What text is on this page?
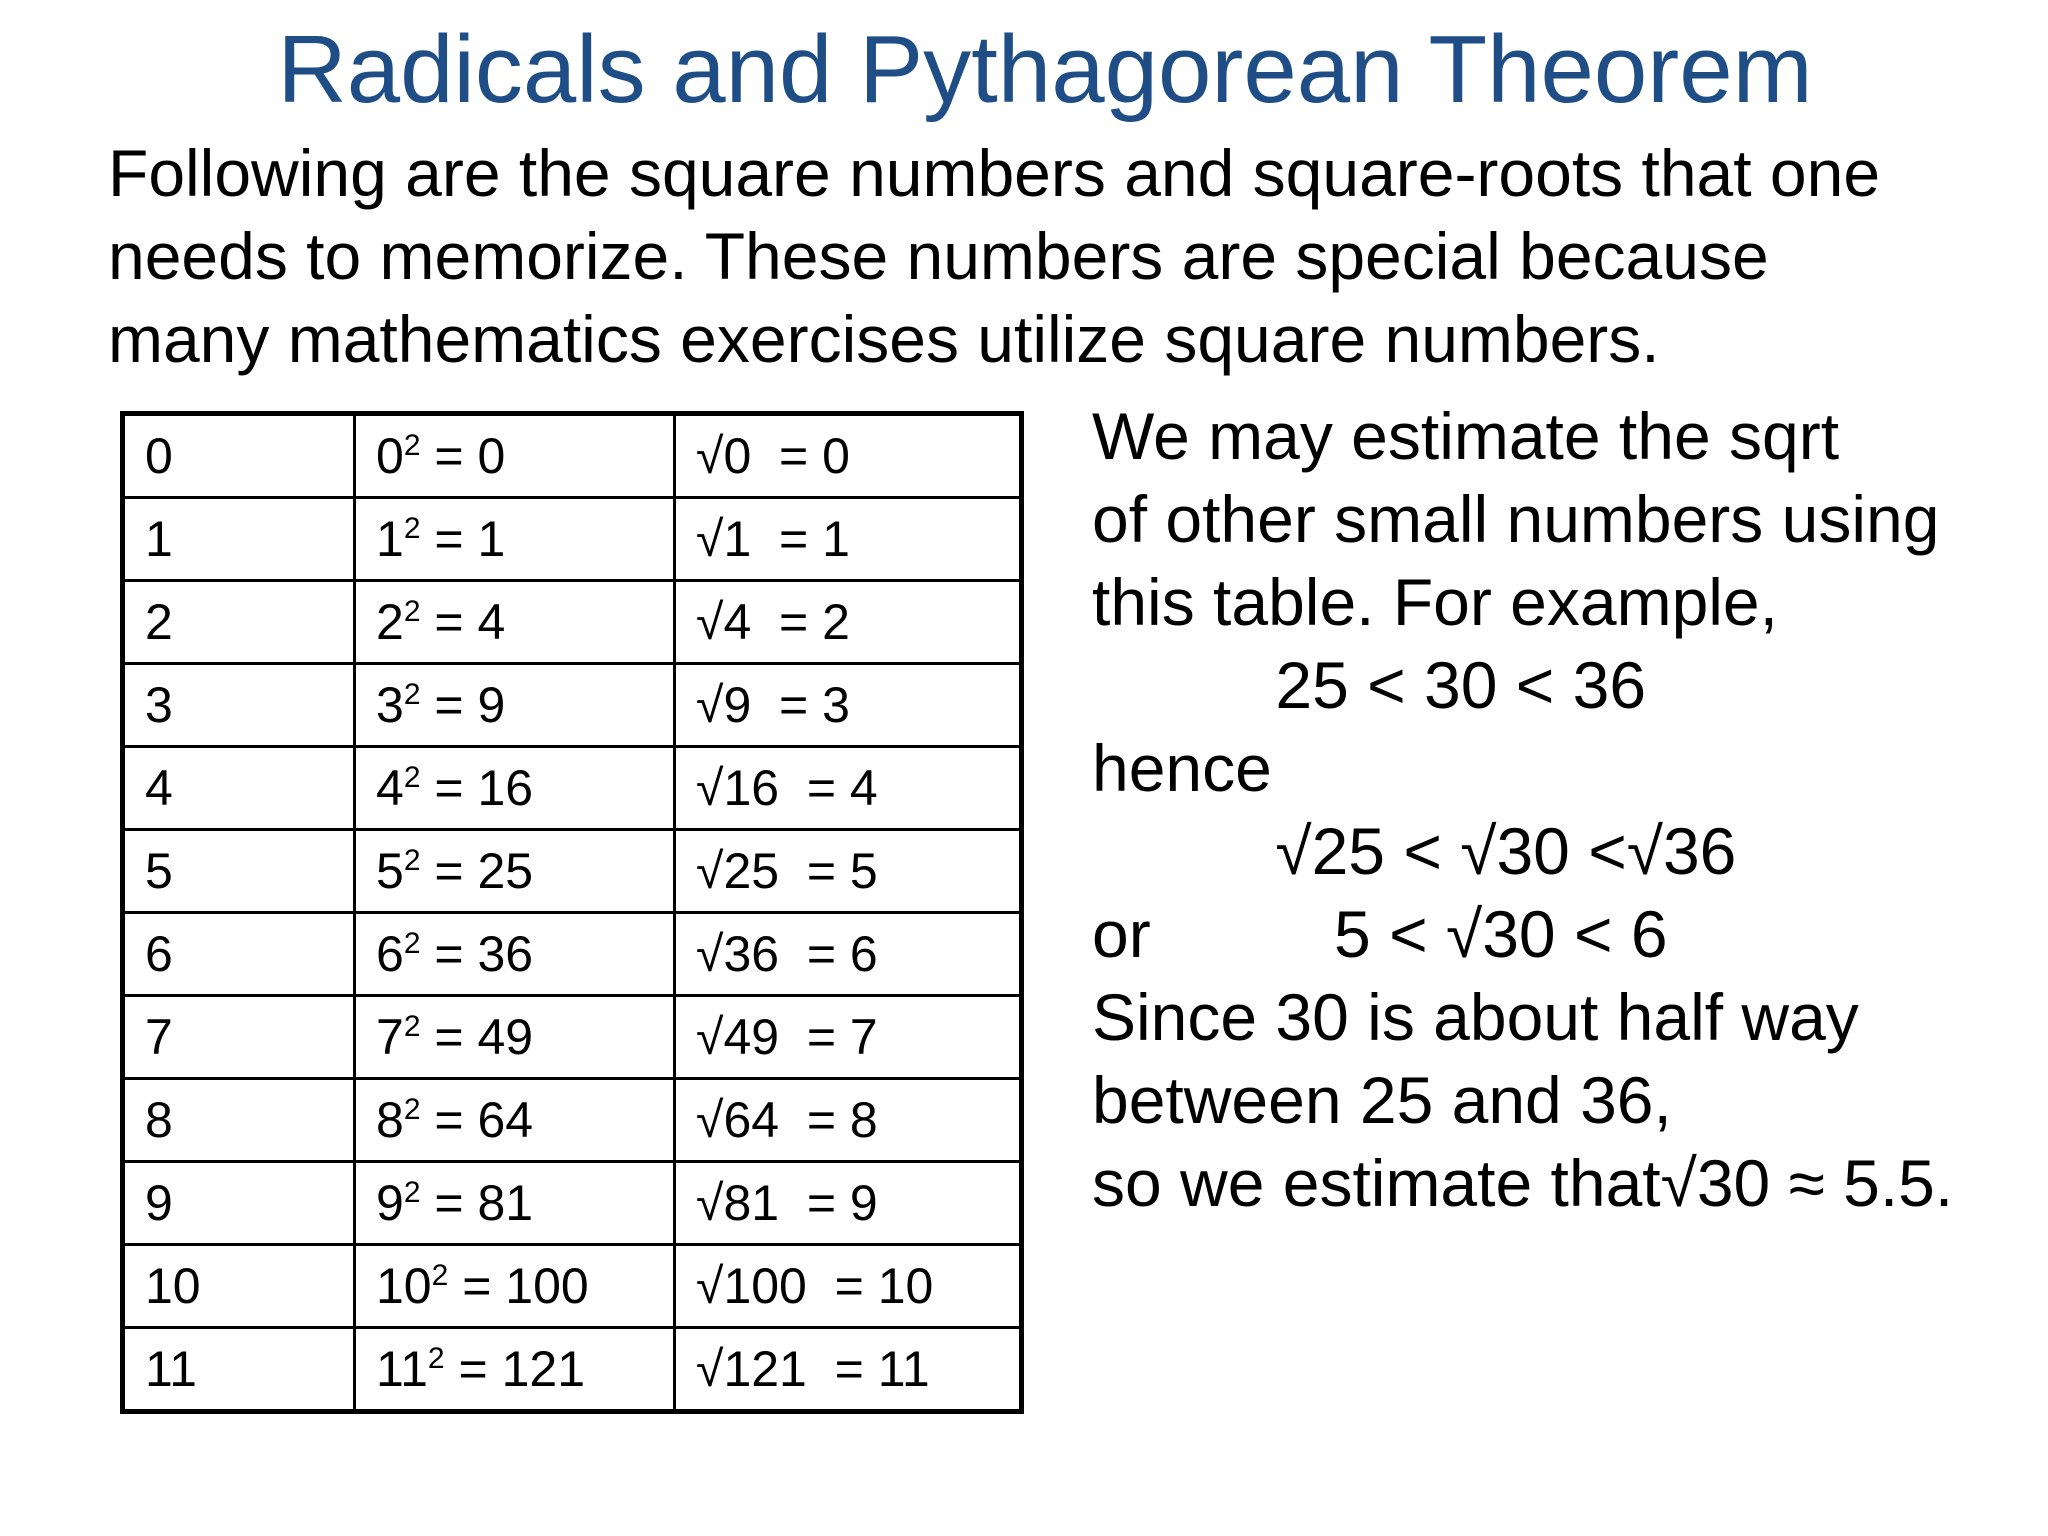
Radicals and Pythagorean Theorem
Following are the square numbers and square-roots that one
needs to memorize. These numbers are special because
many mathematics exercises utilize square numbers.
0	$0^2 = 0$	√0  = 0
1	$1^2 = 1$	√1  = 1
2	$2^2 = 4$	√4  = 2
3	$3^2 = 9$	√9  = 3
4	$4^2 = 16$	√16  = 4
5	$5^2 = 25$	√25  = 5
6	$6^2 = 36$	√36  = 6
7	$7^2 = 49$	√49  = 7
8	$8^2 = 64$	√64  = 8
9	$9^2 = 81$	√81  = 9
10	$10^2 = 100$	√100  = 10
11	$11^2 = 121$	√121  = 11
We may estimate the sqrt
of other small numbers using
this table. For example,
25 < 30 < 36
hence
√25 < √30 <√36
or          5 < √30 < 6
Since 30 is about half way
between 25 and 36,
so we estimate that√30 ≈ 5.5.
